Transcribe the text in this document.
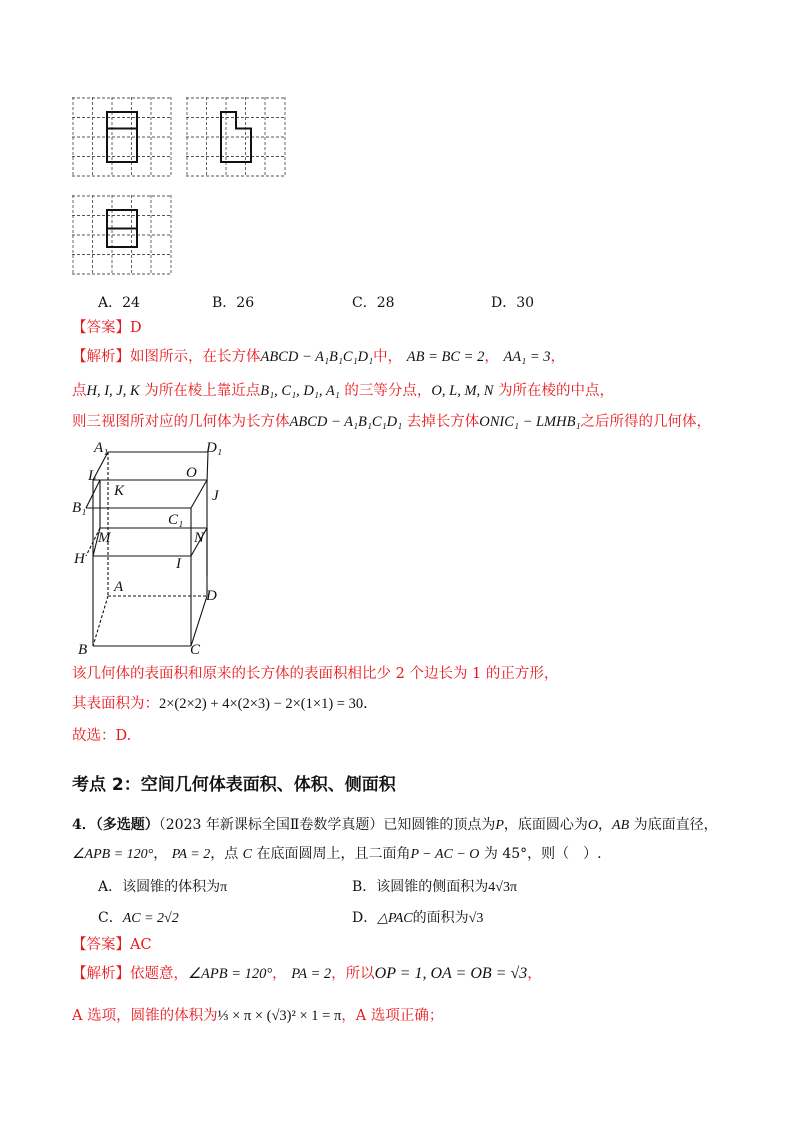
A．24	B．26	C．28	D．30
【答案】D
【解析】如图所示，在长方体ABCD − A₁B₁C₁D₁中， AB = BC = 2， AA₁ = 3，
点H, I, J, K 为所在棱上靠近点B₁, C₁, D₁, A₁ 的三等分点，O, L, M, N 为所在棱的中点，
则三视图所对应的几何体为长方体ABCD − A₁B₁C₁D₁ 去掉长方体ONIC₁ − LMHB₁之后所得的几何体，
A₁	D₁
L	O
K	J
B₁
C₁
M	N
H	I
A
D
B	C
该几何体的表面积和原来的长方体的表面积相比少 2 个边长为 1 的正方形，
其表面积为：2×(2×2) + 4×(2×3) − 2×(1×1) = 30.
故选：D.
考点 2：空间几何体表面积、体积、侧面积
4．（多选题）（2023 年新课标全国Ⅱ卷数学真题）已知圆锥的顶点为P，底面圆心为O，AB 为底面直径，
∠APB = 120°， PA = 2，点 C 在底面圆周上，且二面角P − AC − O 为 45°，则（　）.
A．该圆锥的体积为π	B．该圆锥的侧面积为4√3π
C．AC = 2√2	D．△PAC的面积为√3
【答案】AC
【解析】依题意，∠APB = 120°， PA = 2，所以OP = 1, OA = OB = √3，
A 选项，圆锥的体积为⅓ × π × (√3)² × 1 = π，A 选项正确；
